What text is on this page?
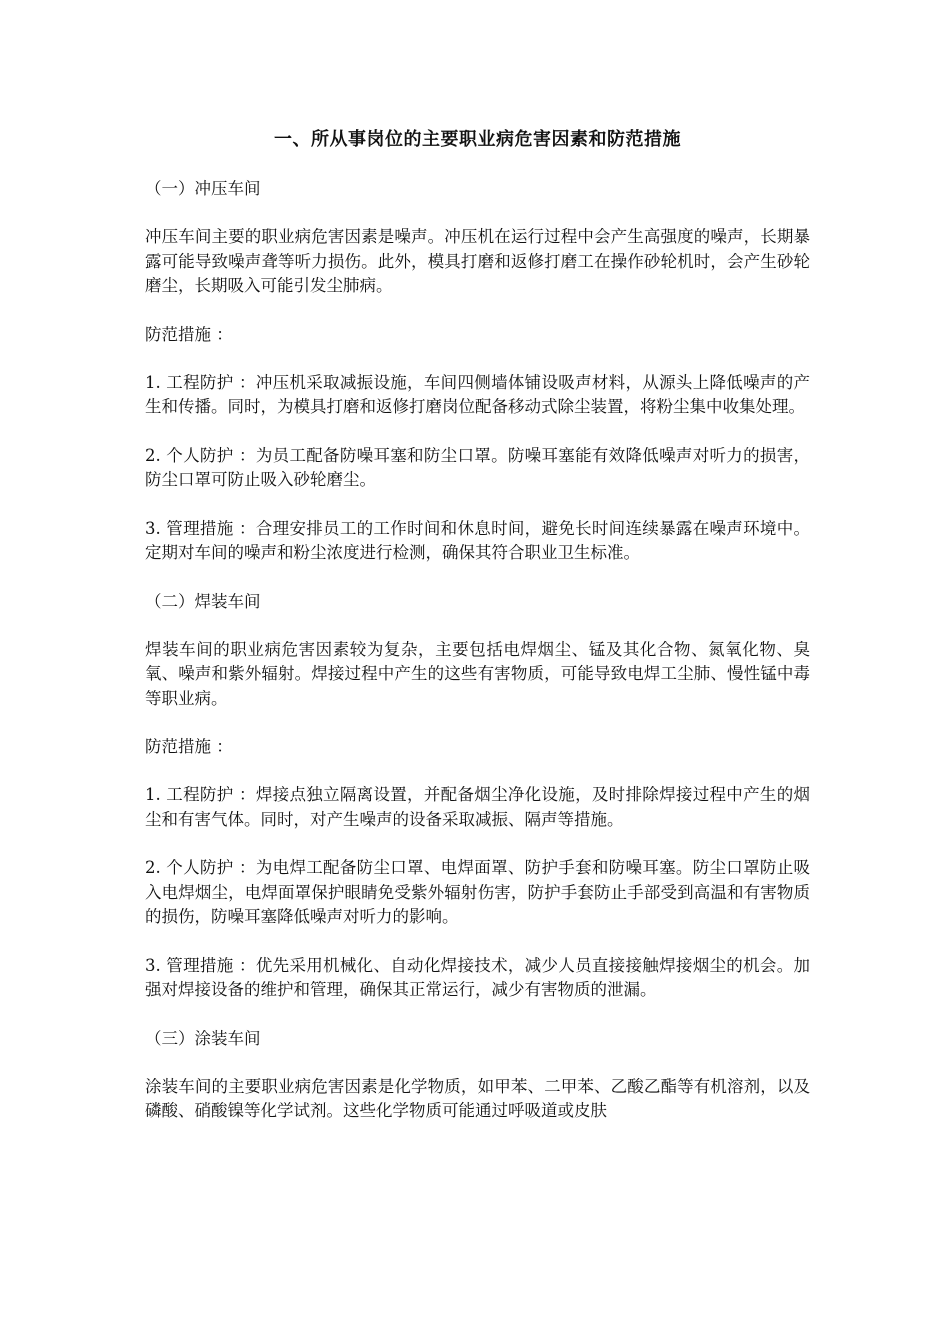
一、所从事岗位的主要职业病危害因素和防范措施
（一）冲压车间
冲压车间主要的职业病危害因素是噪声。冲压机在运行过程中会产生高强度的噪声，长期暴露可能导致噪声聋等听力损伤。此外，模具打磨和返修打磨工在操作砂轮机时，会产生砂轮磨尘，长期吸入可能引发尘肺病。
防范措施 ：
1. 工程防护 ：冲压机采取减振设施，车间四侧墙体铺设吸声材料，从源头上降低噪声的产生和传播。同时，为模具打磨和返修打磨岗位配备移动式除尘装置，将粉尘集中收集处理。
2. 个人防护 ：为员工配备防噪耳塞和防尘口罩。防噪耳塞能有效降低噪声对听力的损害，防尘口罩可防止吸入砂轮磨尘。
3. 管理措施 ：合理安排员工的工作时间和休息时间，避免长时间连续暴露在噪声环境中。定期对车间的噪声和粉尘浓度进行检测，确保其符合职业卫生标准。
（二）焊装车间
焊装车间的职业病危害因素较为复杂，主要包括电焊烟尘、锰及其化合物、氮氧化物、臭氧、噪声和紫外辐射。焊接过程中产生的这些有害物质，可能导致电焊工尘肺、慢性锰中毒等职业病。
防范措施 ：
1. 工程防护 ：焊接点独立隔离设置，并配备烟尘净化设施，及时排除焊接过程中产生的烟尘和有害气体。同时，对产生噪声的设备采取减振、隔声等措施。
2. 个人防护 ：为电焊工配备防尘口罩、电焊面罩、防护手套和防噪耳塞。防尘口罩防止吸入电焊烟尘，电焊面罩保护眼睛免受紫外辐射伤害，防护手套防止手部受到高温和有害物质的损伤，防噪耳塞降低噪声对听力的影响。
3. 管理措施 ：优先采用机械化、自动化焊接技术，减少人员直接接触焊接烟尘的机会。加强对焊接设备的维护和管理，确保其正常运行，减少有害物质的泄漏。
（三）涂装车间
涂装车间的主要职业病危害因素是化学物质，如甲苯、二甲苯、乙酸乙酯等有机溶剂，以及磷酸、硝酸镍等化学试剂。这些化学物质可能通过呼吸道或皮肤
